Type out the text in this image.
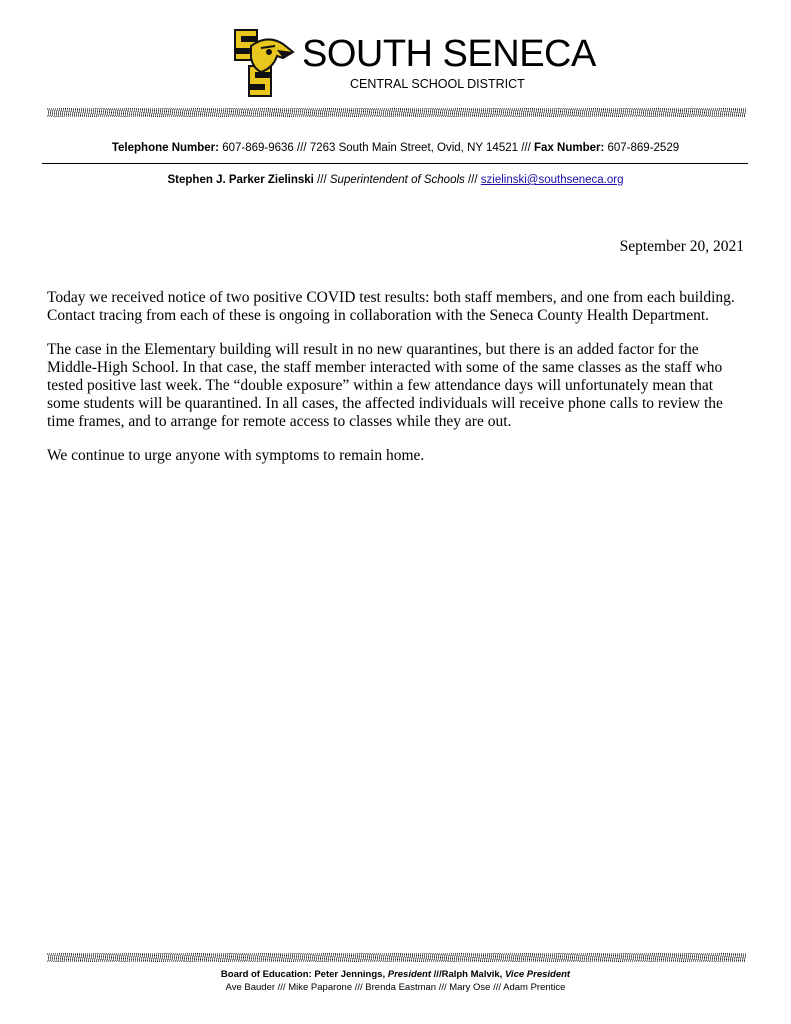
SOUTH SENECA
CENTRAL SCHOOL DISTRICT
Telephone Number: 607-869-9636 /// 7263 South Main Street, Ovid, NY 14521 /// Fax Number: 607-869-2529
Stephen J. Parker Zielinski /// Superintendent of Schools /// szielinski@southseneca.org
September 20, 2021

Today we received notice of two positive COVID test results: both staff members, and one from each building. Contact tracing from each of these is ongoing in collaboration with the Seneca County Health Department.

The case in the Elementary building will result in no new quarantines, but there is an added factor for the Middle-High School. In that case, the staff member interacted with some of the same classes as the staff who tested positive last week. The “double exposure” within a few attendance days will unfortunately mean that some students will be quarantined. In all cases, the affected individuals will receive phone calls to review the time frames, and to arrange for remote access to classes while they are out.

We continue to urge anyone with symptoms to remain home.

Board of Education: Peter Jennings, President ///Ralph Malvik, Vice President
Ave Bauder /// Mike Paparone /// Brenda Eastman /// Mary Ose /// Adam Prentice
